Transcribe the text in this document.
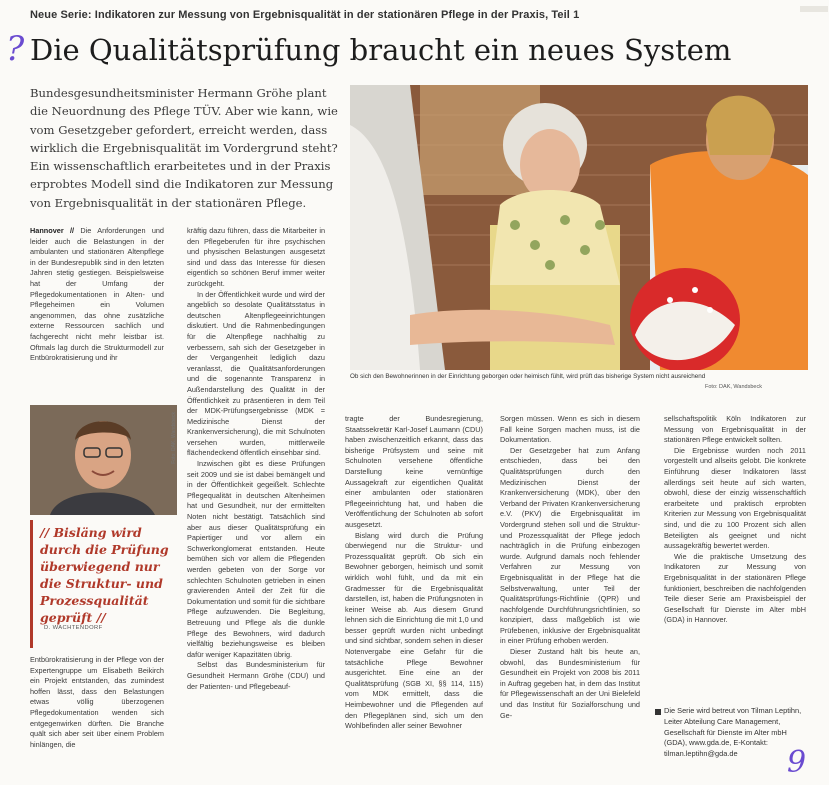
Neue Serie: Indikatoren zur Messung von Ergebnisqualität in der stationären Pflege in der Praxis, Teil 1
? Die Qualitätsprüfung braucht ein neues System

Bundesgesundheitsminister Hermann Gröhe plant die Neuordnung des Pflege TÜV. Aber wie kann, wie vom Gesetzgeber gefordert, erreicht werden, dass wirklich die Ergebnisqualität im Vordergrund steht? Ein wissenschaftlich erarbeitetes und in der Praxis erprobtes Modell sind die Indikatoren zur Messung von Ergebnisqualität in der stationären Pflege.

Ob sich den Bewohnerinnen in der Einrichtung geborgen oder heimisch fühlt, wird prüft das bisherige System nicht ausreichend
Foto: DAK, Wandsbeck

Hannover // Die Anforderungen und leider auch die Belastungen in der ambulanten und stationären Altenpflege in der Bundesrepublik sind in den letzten Jahren stetig gestiegen. Beispielsweise hat der Umfang der Pflegedokumentationen in Alten- und Pflegeheimen ein Volumen angenommen, das ohne zusätzliche externe Ressourcen sachlich und fachgerecht nicht mehr leistbar ist. Oftmals lag durch die Strukturmodell zur Entbürokratisierung und ihr

Foto: DAK, Wandsbeck

// Bisläng wird durch die Prüfung überwiegend nur die Struktur- und Prozessqualität geprüft //

D. WACHTENDORF

Entbürokratisierung in der Pflege von der Expertengruppe um Elisabeth Beikirch ein Projekt entstanden, das zumindest hoffen lässt, dass den Belastungen etwas völlig überzogenen Pflegedokumentation wenden sich entgegenwirken dürften. Die Branche quält sich aber seit über einem Problem hinlängen, die

kräftig dazu führen, dass die Mitarbeiter in den Pflegeberufen für ihre psychischen und physischen Belastungen ausgesetzt sind und dass das Interesse für diesen eigentlich so schönen Beruf immer weiter zurückgeht.

In der Öffentlichkeit wurde und wird der angeblich so desolate Qualitätsstatus in deutschen Altenpflegeeinrichtungen diskutiert. Und die Rahmenbedingungen für die Altenpflege nachhaltig zu verbessern, sah sich der Gesetzgeber in der Vergangenheit lediglich dazu veranlasst, die Qualitätsanforderungen und die sogenannte Transparenz in Außendarstellung des Qualität in der Öffentlichkeit zu präsentieren in dem Teil der MDK-Prüfungsergebnisse (MDK = Medizinische Dienst der Krankenversicherung), die mit Schulnoten versehen wurden, mittlerweile flächendeckend öffentlich einsehbar sind.

Inzwischen gibt es diese Prüfungen seit 2009 und sie ist dabei bemängelt und in der Öffentlichkeit gegeißelt. Schlechte Pflegequalität in deutschen Altenheimen hat und Gesundheit, nur der ermittelten Noten nicht bestätigt. Tatsächlich sind aber aus dieser Qualitätsprüfung ein Papiertiger und vor allem ein Schwerkonglomerat entstanden. Heute bemühen sich vor allem die Pflegenden werden gebeten von der Sorge vor schlechten Schulnoten getrieben in einen gravierenden Anteil der Zeit für die Dokumentation und somit für die sichtbare Pflege aufzuwenden. Die Begleitung, Betreuung und Pflege als die dunkle Pflege des Bewohners, wird dadurch vielfältig beziehungsweise es bleiben dafür weniger Kapazitäten übrig.

Selbst das Bundesministerium für Gesundheit Hermann Gröhe (CDU) und der Patienten- und Pflegebeauf-

tragte der Bundesregierung, Staatssekretär Karl-Josef Laumann (CDU) haben zwischenzeitlich erkannt, dass das bisherige Prüfsystem und seine mit Schulnoten versehene öffentliche Darstellung keine vernünftige Aussagekraft zur eigentlichen Qualität einer ambulanten oder stationären Pflegeeinrichtung hat, und haben die Veröffentlichung der Schulnoten ab sofort ausgesetzt.

Bislang wird durch die Prüfung überwiegend nur die Struktur- und Prozessqualität geprüft. Ob sich ein Bewohner geborgen, heimisch und somit wirklich wohl fühlt, und da mit ein Gradmesser für die Ergebnisqualität darstellen, ist, haben die Prüfungsnoten in keiner Weise ab. Aus diesem Grund lehnen sich die Einrichtung die mit 1,0 und besser geprüft wurden nicht unbedingt und sind sichtbar, sondern sehen in dieser Notenvergabe eine Gefahr für die tatsächliche Pflege Bewohner ausgerichtet. Eine eine an der Qualitätsprüfung (SGB XI, §§ 114, 115) vom MDK ermittelt, dass die Heimbewohner und die Pflegenden auf den Pflegeplänen sind, sich um den Wohlbefinden aller seiner Bewohner

Sorgen müssen. Wenn es sich in diesem Fall keine Sorgen machen muss, ist die Dokumentation.

Der Gesetzgeber hat zum Anfang entschieden, dass bei den Qualitätsprüfungen durch den Medizinischen Dienst der Krankenversicherung (MDK), über den Verband der Privaten Krankenversicherung e.V. (PKV) die Ergebnisqualität im Vordergrund stehen soll und die Struktur- und Prozessqualität der Pflege jedoch nachträglich in die Prüfung einbezogen wurde. Aufgrund damals noch fehlender Verfahren zur Messung von Ergebnisqualität in der Pflege hat die Selbstverwaltung, unter Teil der Qualitätsprüfungs-Richtlinie (QPR) und nachfolgende Durchführungsrichtlinien, so konzipiert, dass maßgeblich ist wie Prüfebenen, inklusive der Ergebnisqualität in einer Prüfung erhoben werden.

Dieser Zustand hält bis heute an, obwohl, das Bundesministerium für Gesundheit ein Projekt von 2008 bis 2011 in Auftrag gegeben hat, in dem das Institut für Pflegewissenschaft an der Uni Bielefeld und das Institut für Sozialforschung und Ge-

sellschaftspolitik Köln Indikatoren zur Messung von Ergebnisqualität in der stationären Pflege entwickelt sollten.

Die Ergebnisse wurden noch 2011 vorgestellt und allseits gelobt. Die konkrete Einführung dieser Indikatoren lässt allerdings seit heute auf sich warten, obwohl, diese der einzig wissenschaftlich erarbeitete und praktisch erprobten Kriterien zur Messung von Ergebnisqualität sind, und die zu 100 Prozent sich allen Beteiligten als geeignet und nicht aussagekräftig bewertet werden.

Wie die praktische Umsetzung des Indikatoren zur Messung von Ergebnisqualität in der stationären Pflege funktioniert, beschreiben die nachfolgenden Teile dieser Serie am Praxisbeispiel der Gesellschaft für Dienste im Alter mbH (GDA) in Hannover.

Die Serie wird betreut von Tilman Leptihn, Leiter Abteilung Care Management, Gesellschaft für Dienste im Alter mbH (GDA), www.gda.de, E-Kontakt: tilman.leptihn@gda.de	9
